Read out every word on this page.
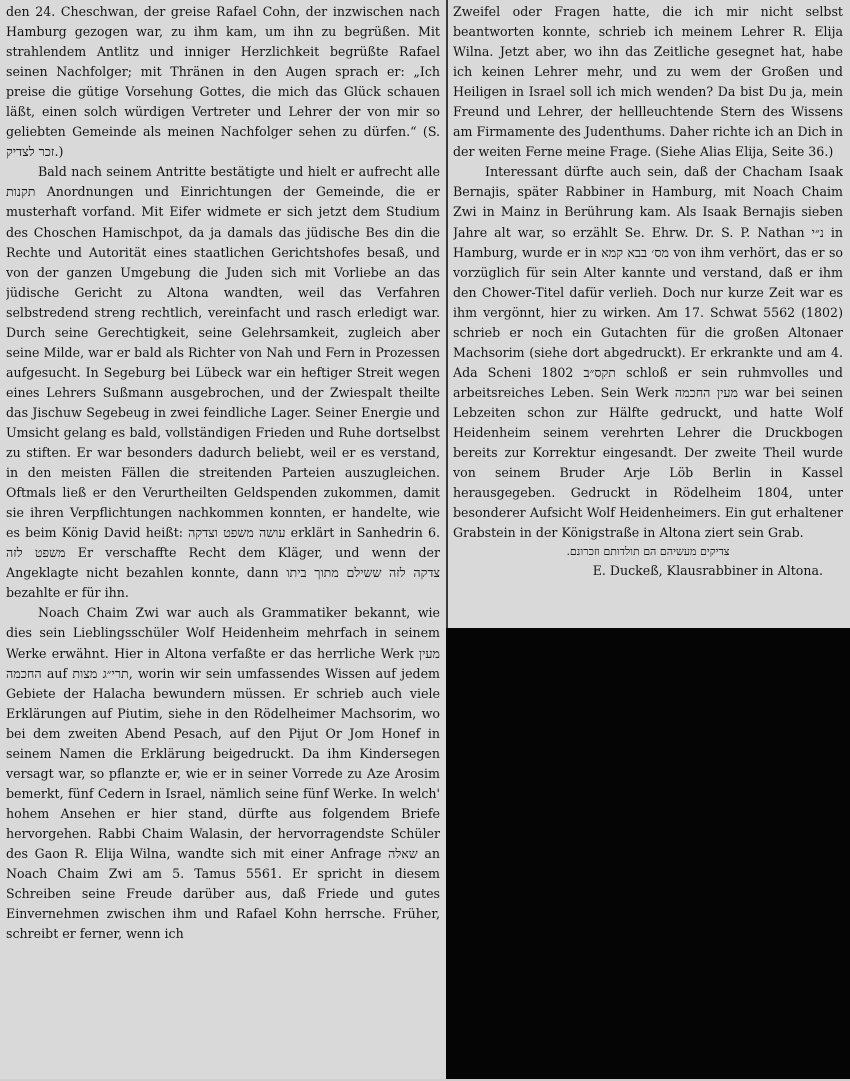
den 24. Cheschwan, der greise Rafael Cohn, der inzwischen nach Hamburg gezogen war, zu ihm kam, um ihn zu begrüßen. Mit strahlendem Antlitz und inniger Herzlichkeit begrüßte Rafael seinen Nachfolger; mit Thränen in den Augen sprach er: „Ich preise die gütige Vorsehung Gottes, die mich das Glück schauen läßt, einen solch würdigen Vertreter und Lehrer der von mir so geliebten Gemeinde als meinen Nachfolger sehen zu dürfen.“ (S. זכר לצדיק.)

Bald nach seinem Antritte bestätigte und hielt er aufrecht alle תקנות Anordnungen und Einrichtungen der Gemeinde, die er musterhaft vorfand. Mit Eifer widmete er sich jetzt dem Studium des Choschen Hamischpot, da ja damals das jüdische Bes din die Rechte und Autorität eines staatlichen Gerichtshofes besaß, und von der ganzen Umgebung die Juden sich mit Vorliebe an das jüdische Gericht zu Altona wandten, weil das Verfahren selbstredend streng rechtlich, vereinfacht und rasch erledigt war. Durch seine Gerechtigkeit, seine Gelehrsamkeit, zugleich aber seine Milde, war er bald als Richter von Nah und Fern in Prozessen aufgesucht. In Segeburg bei Lübeck war ein heftiger Streit wegen eines Lehrers Sußmann ausgebrochen, und der Zwiespalt theilte das Jischuw Segebeug in zwei feindliche Lager. Seiner Energie und Umsicht gelang es bald, vollständigen Frieden und Ruhe dortselbst zu stiften. Er war besonders dadurch beliebt, weil er es verstand, in den meisten Fällen die streitenden Parteien auszugleichen. Oftmals ließ er den Verurtheilten Geldspenden zukommen, damit sie ihren Verpflichtungen nachkommen konnten, er handelte, wie es beim König David heißt: עושה משפט וצדקה erklärt in Sanhedrin 6. משפט לזה Er verschaffte Recht dem Kläger, und wenn der Angeklagte nicht bezahlen konnte, dann צדקה לזה ששילם מתוך ביתו bezahlte er für ihn.

Noach Chaim Zwi war auch als Grammatiker bekannt, wie dies sein Lieblingsschüler Wolf Heidenheim mehrfach in seinem Werke erwähnt. Hier in Altona verfaßte er das herrliche Werk מעין החכמה auf תרי״ג מצות, worin wir sein umfassendes Wissen auf jedem Gebiete der Halacha bewundern müssen. Er schrieb auch viele Erklärungen auf Piutim, siehe in den Rödelheimer Machsorim, wo bei dem zweiten Abend Pesach, auf den Pijut Or Jom Honef in seinem Namen die Erklärung beigedruckt. Da ihm Kindersegen versagt war, so pflanzte er, wie er in seiner Vorrede zu Aze Arosim bemerkt, fünf Cedern in Israel, nämlich seine fünf Werke. In welch' hohem Ansehen er hier stand, dürfte aus folgendem Briefe hervorgehen. Rabbi Chaim Walasin, der hervorragendste Schüler des Gaon R. Elija Wilna, wandte sich mit einer Anfrage שאלה an Noach Chaim Zwi am 5. Tamus 5561. Er spricht in diesem Schreiben seine Freude darüber aus, daß Friede und gutes Einvernehmen zwischen ihm und Rafael Kohn herrsche. Früher, schreibt er ferner, wenn ich

Zweifel oder Fragen hatte, die ich mir nicht selbst beantworten konnte, schrieb ich meinem Lehrer R. Elija Wilna. Jetzt aber, wo ihn das Zeitliche gesegnet hat, habe ich keinen Lehrer mehr, und zu wem der Großen und Heiligen in Israel soll ich mich wenden? Da bist Du ja, mein Freund und Lehrer, der hellleuchtende Stern des Wissens am Firmamente des Judenthums. Daher richte ich an Dich in der weiten Ferne meine Frage. (Siehe Alias Elija, Seite 36.)

Interessant dürfte auch sein, daß der Chacham Isaak Bernajis, später Rabbiner in Hamburg, mit Noach Chaim Zwi in Mainz in Berührung kam. Als Isaak Bernajis sieben Jahre alt war, so erzählt Se. Ehrw. Dr. S. P. Nathan נ״י in Hamburg, wurde er in מס׳ בבא קמא von ihm verhört, das er so vorzüglich für sein Alter kannte und verstand, daß er ihm den Chower-Titel dafür verlieh. Doch nur kurze Zeit war es ihm vergönnt, hier zu wirken. Am 17. Schwat 5562 (1802) schrieb er noch ein Gutachten für die großen Altonaer Machsorim (siehe dort abgedruckt). Er erkrankte und am 4. Ada Scheni תקס״ב 1802 schloß er sein ruhmvolles und arbeitsreiches Leben. Sein Werk מעין החכמה war bei seinen Lebzeiten schon zur Hälfte gedruckt, und hatte Wolf Heidenheim seinem verehrten Lehrer die Druckbogen bereits zur Korrektur eingesandt. Der zweite Theil wurde von seinem Bruder Arje Löb Berlin in Kassel herausgegeben. Gedruckt in Rödelheim 1804, unter besonderer Aufsicht Wolf Heidenheimers. Ein gut erhaltener Grabstein in der Königstraße in Altona ziert sein Grab.

צדיקים מעשיהם הם תולדותם וזכרונם.

E. Duckeß, Klausrabbiner in Altona.
